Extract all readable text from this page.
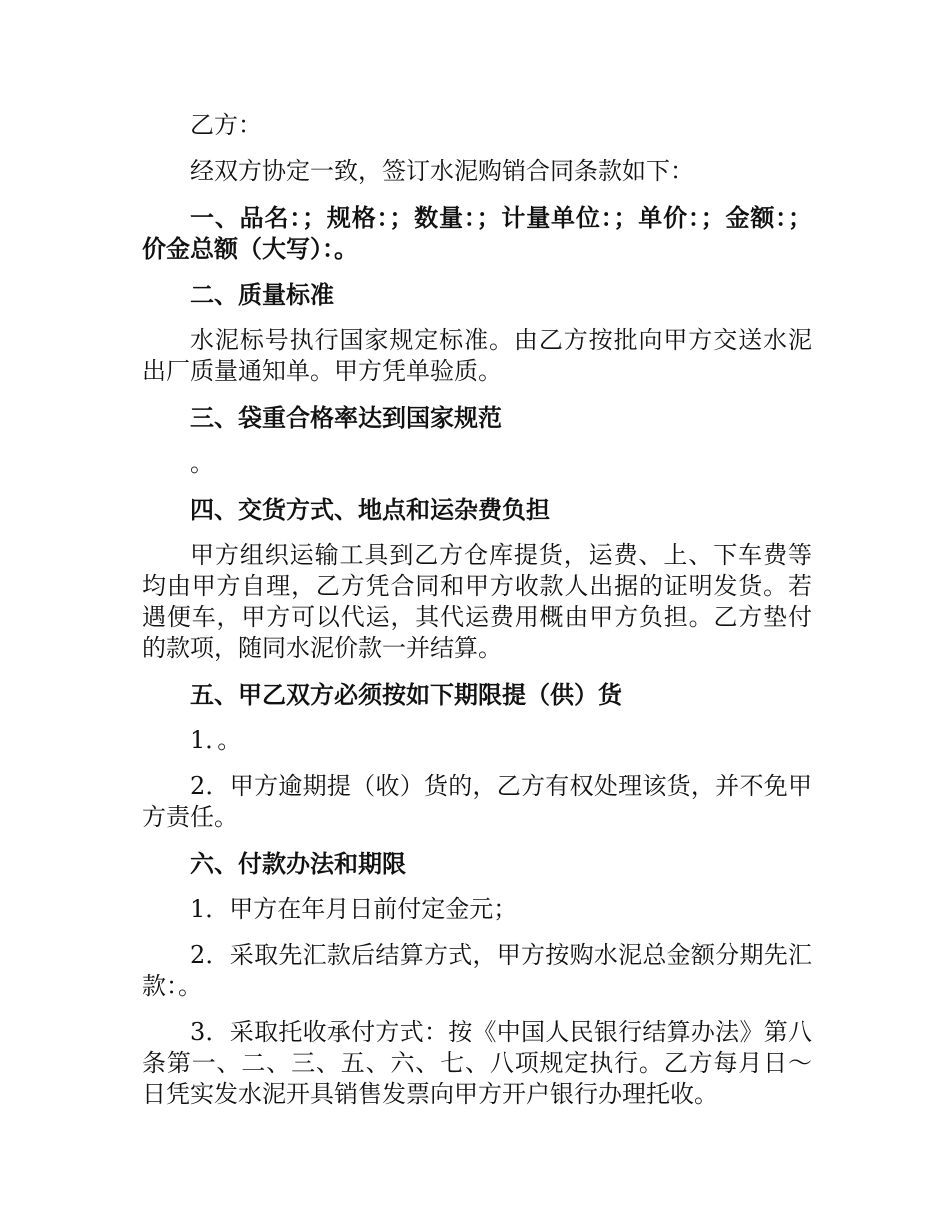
乙方：

经双方协定一致，签订水泥购销合同条款如下：

一、品名：；规格：；数量：；计量单位：；单价：；金额：；价金总额（大写）：。

二、质量标准

水泥标号执行国家规定标准。由乙方按批向甲方交送水泥出厂质量通知单。甲方凭单验质。

三、袋重合格率达到国家规范

。

四、交货方式、地点和运杂费负担

甲方组织运输工具到乙方仓库提货，运费、上、下车费等均由甲方自理，乙方凭合同和甲方收款人出据的证明发货。若遇便车，甲方可以代运，其代运费用概由甲方负担。乙方垫付的款项，随同水泥价款一并结算。

五、甲乙双方必须按如下期限提（供）货

1．。

2．甲方逾期提（收）货的，乙方有权处理该货，并不免甲方责任。

六、付款办法和期限

1．甲方在年月日前付定金元；

2．采取先汇款后结算方式，甲方按购水泥总金额分期先汇款：。

3．采取托收承付方式：按《中国人民银行结算办法》第八条第一、二、三、五、六、七、八项规定执行。乙方每月日～日凭实发水泥开具销售发票向甲方开户银行办理托收。
